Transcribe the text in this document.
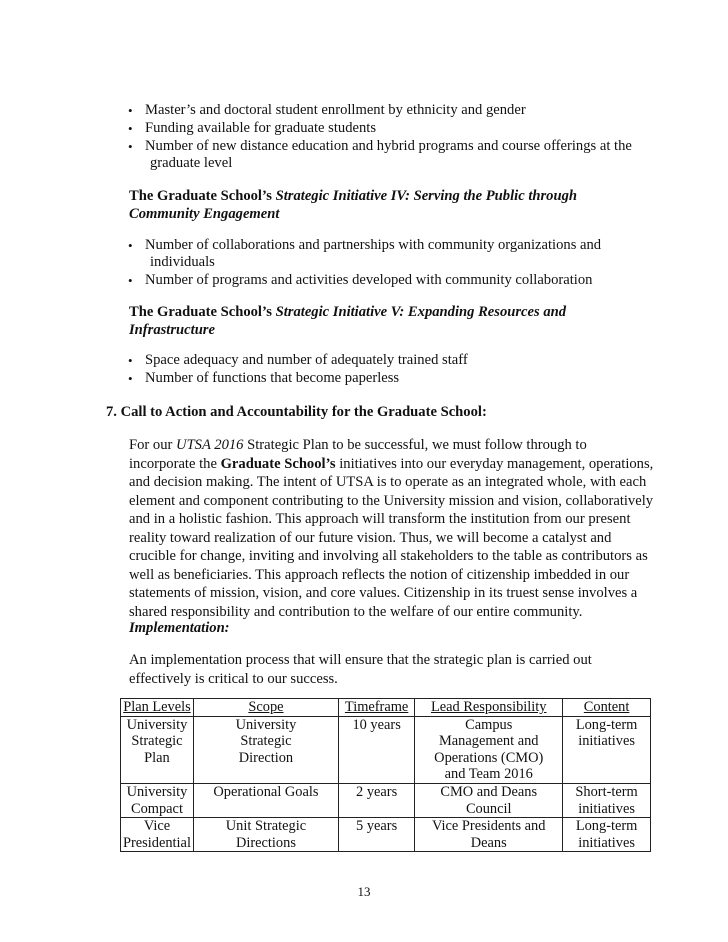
• Master’s and doctoral student enrollment by ethnicity and gender
• Funding available for graduate students
• Number of new distance education and hybrid programs and course offerings at the
graduate level

The Graduate School’s Strategic Initiative IV: Serving the Public through
Community Engagement

• Number of collaborations and partnerships with community organizations and
individuals
• Number of programs and activities developed with community collaboration

The Graduate School’s Strategic Initiative V: Expanding Resources and
Infrastructure

• Space adequacy and number of adequately trained staff
• Number of functions that become paperless

7. Call to Action and Accountability for the Graduate School:

For our UTSA 2016 Strategic Plan to be successful, we must follow through to incorporate the Graduate School’s initiatives into our everyday management, operations, and decision making. The intent of UTSA is to operate as an integrated whole, with each element and component contributing to the University mission and vision, collaboratively and in a holistic fashion. This approach will transform the institution from our present reality toward realization of our future vision. Thus, we will become a catalyst and crucible for change, inviting and involving all stakeholders to the table as contributors as well as beneficiaries. This approach reflects the notion of citizenship imbedded in our statements of mission, vision, and core values. Citizenship in its truest sense involves a shared responsibility and contribution to the welfare of our entire community.

Implementation:

An implementation process that will ensure that the strategic plan is carried out effectively is critical to our success.

Plan Levels	Scope	Timeframe	Lead Responsibility	Content
University Strategic Plan	University Strategic Direction	10 years	Campus Management and Operations (CMO) and Team 2016	Long-term initiatives
University Compact	Operational Goals	2 years	CMO and Deans Council	Short-term initiatives
Vice Presidential	Unit Strategic Directions	5 years	Vice Presidents and Deans	Long-term initiatives
13
